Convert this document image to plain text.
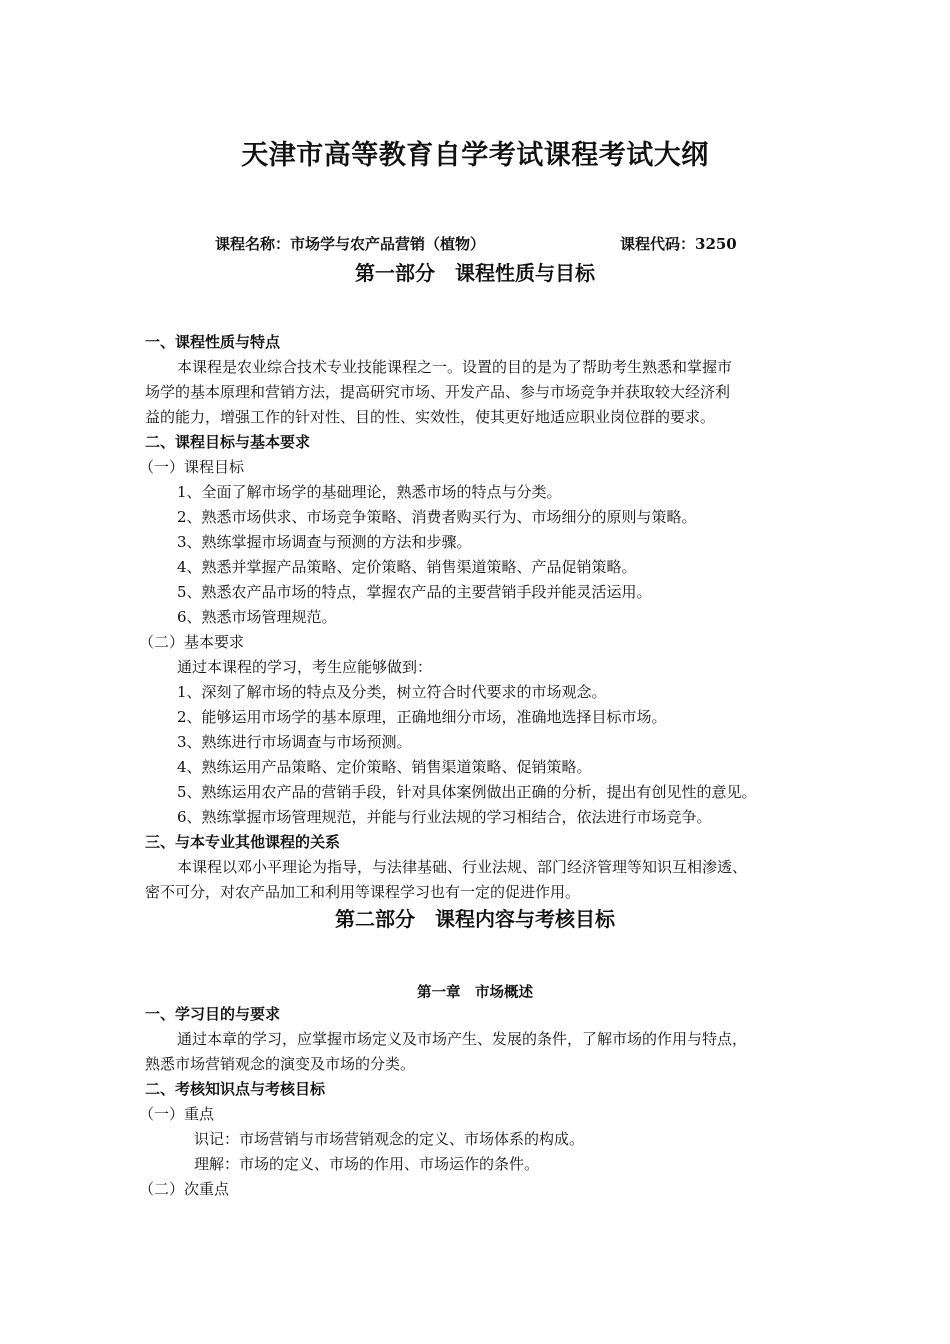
天津市高等教育自学考试课程考试大纲
课程名称：市场学与农产品营销（植物）	课程代码：3250
第一部分　课程性质与目标
一、课程性质与特点
本课程是农业综合技术专业技能课程之一。设置的目的是为了帮助考生熟悉和掌握市
场学的基本原理和营销方法，提高研究市场、开发产品、参与市场竞争并获取较大经济利
益的能力，增强工作的针对性、目的性、实效性，使其更好地适应职业岗位群的要求。
二、课程目标与基本要求
（一）课程目标
1、全面了解市场学的基础理论，熟悉市场的特点与分类。
2、熟悉市场供求、市场竞争策略、消费者购买行为、市场细分的原则与策略。
3、熟练掌握市场调查与预测的方法和步骤。
4、熟悉并掌握产品策略、定价策略、销售渠道策略、产品促销策略。
5、熟悉农产品市场的特点，掌握农产品的主要营销手段并能灵活运用。
6、熟悉市场管理规范。
（二）基本要求
通过本课程的学习，考生应能够做到：
1、深刻了解市场的特点及分类，树立符合时代要求的市场观念。
2、能够运用市场学的基本原理，正确地细分市场，准确地选择目标市场。
3、熟练进行市场调查与市场预测。
4、熟练运用产品策略、定价策略、销售渠道策略、促销策略。
5、熟练运用农产品的营销手段，针对具体案例做出正确的分析，提出有创见性的意见。
6、熟练掌握市场管理规范，并能与行业法规的学习相结合，依法进行市场竞争。
三、与本专业其他课程的关系
本课程以邓小平理论为指导，与法律基础、行业法规、部门经济管理等知识互相渗透、
密不可分，对农产品加工和利用等课程学习也有一定的促进作用。
第二部分　课程内容与考核目标
第一章　市场概述
一、学习目的与要求
通过本章的学习，应掌握市场定义及市场产生、发展的条件，了解市场的作用与特点，
熟悉市场营销观念的演变及市场的分类。
二、考核知识点与考核目标
（一）重点
识记：市场营销与市场营销观念的定义、市场体系的构成。
理解：市场的定义、市场的作用、市场运作的条件。
（二）次重点
